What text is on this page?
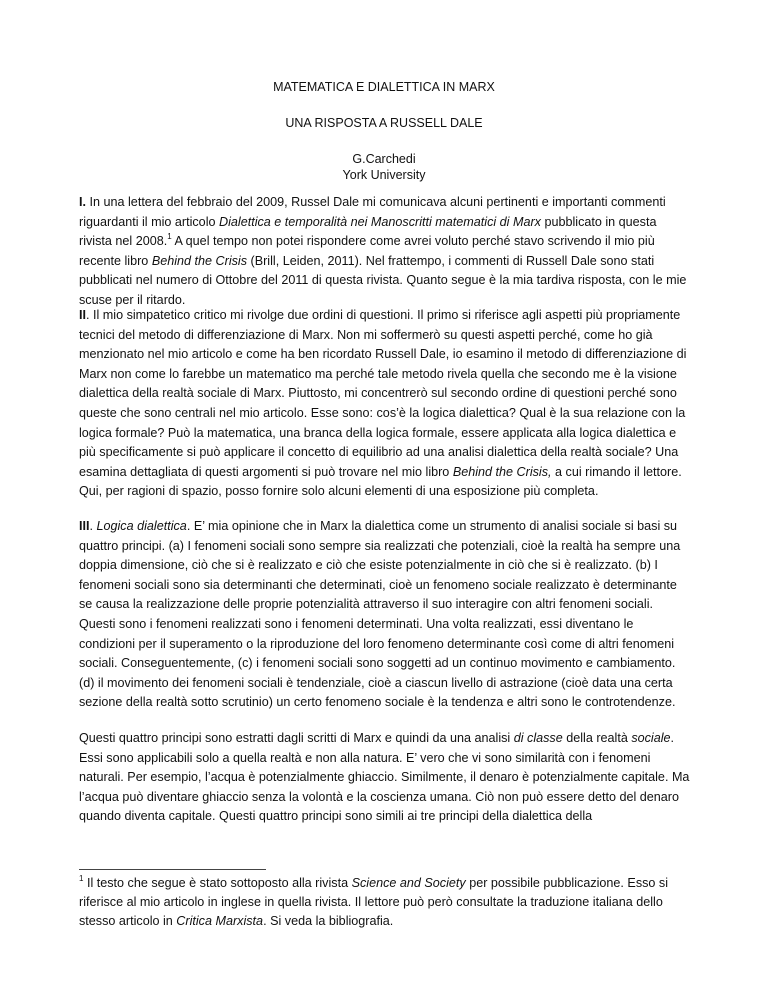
MATEMATICA E DIALETTICA IN MARX
UNA RISPOSTA A RUSSELL DALE
G.Carchedi
York University

I. In una lettera del febbraio del 2009, Russel Dale mi comunicava alcuni pertinenti e importanti commenti riguardanti il mio articolo Dialettica e temporalità nei Manoscritti matematici di Marx pubblicato in questa rivista nel 2008.$^1$ A quel tempo non potei rispondere come avrei voluto perché stavo scrivendo il mio più recente libro Behind the Crisis (Brill, Leiden, 2011). Nel frattempo, i commenti di Russell Dale sono stati pubblicati nel numero di Ottobre del 2011 di questa rivista. Quanto segue è la mia tardiva risposta, con le mie scuse per il ritardo.

II. Il mio simpatetico critico mi rivolge due ordini di questioni. Il primo si riferisce agli aspetti più propriamente tecnici del metodo di differenziazione di Marx. Non mi soffermerò su questi aspetti perché, come ho già menzionato nel mio articolo e come ha ben ricordato Russell Dale, io esamino il metodo di differenziazione di Marx non come lo farebbe un matematico ma perché tale metodo rivela quella che secondo me è la visione dialettica della realtà sociale di Marx. Piuttosto, mi concentrerò sul secondo ordine di questioni perché sono queste che sono centrali nel mio articolo. Esse sono: cos’è la logica dialettica? Qual è la sua relazione con la logica formale? Può la matematica, una branca della logica formale, essere applicata alla logica dialettica e più specificamente si può applicare il concetto di equilibrio ad una analisi dialettica della realtà sociale? Una esamina dettagliata di questi argomenti si può trovare nel mio libro Behind the Crisis, a cui rimando il lettore. Qui, per ragioni di spazio, posso fornire solo alcuni elementi di una esposizione più completa.

III. Logica dialettica. E’ mia opinione che in Marx la dialettica come un strumento di analisi sociale si basi su quattro principi. (a) I fenomeni sociali sono sempre sia realizzati che potenziali, cioè la realtà ha sempre una doppia dimensione, ciò che si è realizzato e ciò che esiste potenzialmente in ciò che si è realizzato. (b) I fenomeni sociali sono sia determinanti che determinati, cioè un fenomeno sociale realizzato è determinante se causa la realizzazione delle proprie potenzialità attraverso il suo interagire con altri fenomeni sociali. Questi sono i fenomeni realizzati sono i fenomeni determinati. Una volta realizzati, essi diventano le condizioni per il superamento o la riproduzione del loro fenomeno determinante così come di altri fenomeni sociali. Conseguentemente, (c) i fenomeni sociali sono soggetti ad un continuo movimento e cambiamento. (d) il movimento dei fenomeni sociali è tendenziale, cioè a ciascun livello di astrazione (cioè data una certa sezione della realtà sotto scrutinio) un certo fenomeno sociale è la tendenza e altri sono le controtendenze.

Questi quattro principi sono estratti dagli scritti di Marx e quindi da una analisi di classe della realtà sociale. Essi sono applicabili solo a quella realtà e non alla natura. E’ vero che vi sono similarità con i fenomeni naturali. Per esempio, l’acqua è potenzialmente ghiaccio. Similmente, il denaro è potenzialmente capitale. Ma l’acqua può diventare ghiaccio senza la volontà e la coscienza umana. Ciò non può essere detto del denaro quando diventa capitale. Questi quattro principi sono simili ai tre principi della dialettica della

$^1$ Il testo che segue è stato sottoposto alla rivista Science and Society per possibile pubblicazione. Esso si riferisce al mio articolo in inglese in quella rivista. Il lettore può però consultate la traduzione italiana dello stesso articolo in Critica Marxista. Si veda la bibliografia.
